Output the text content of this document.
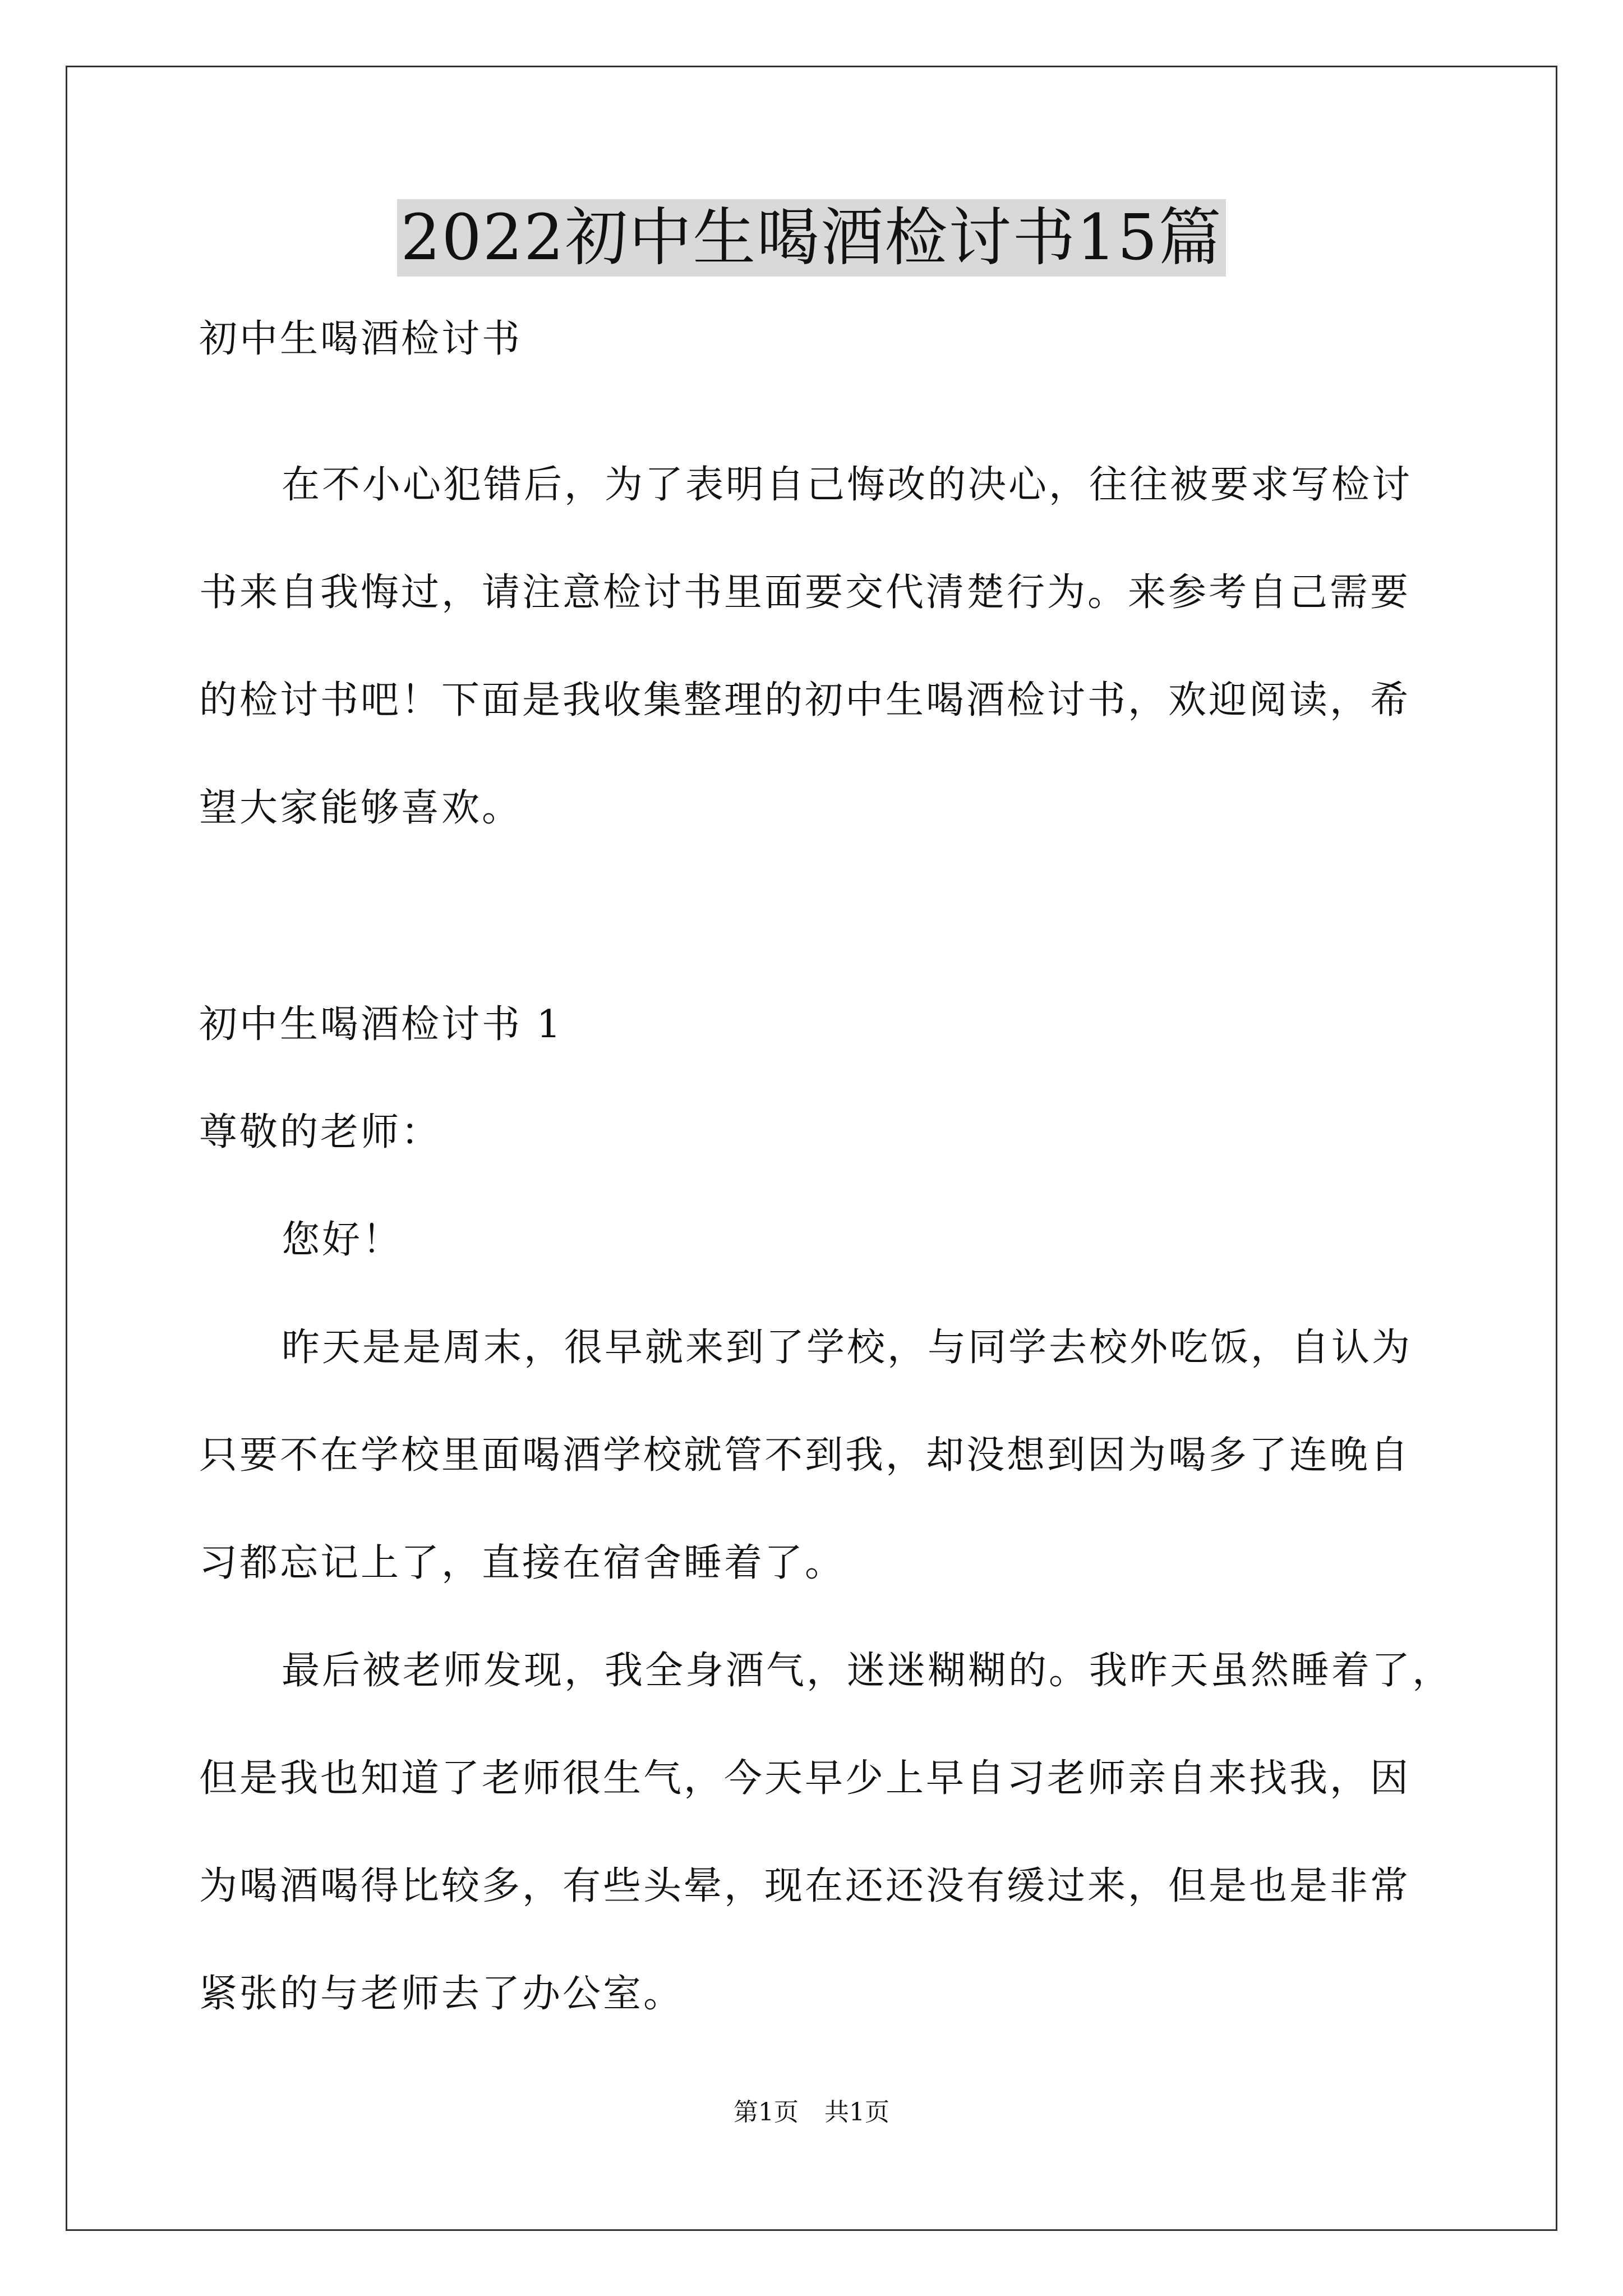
2022初中生喝酒检讨书15篇
初中生喝酒检讨书
在不小心犯错后，为了表明自己悔改的决心，往往被要求写检讨
书来自我悔过，请注意检讨书里面要交代清楚行为。来参考自己需要
的检讨书吧！下面是我收集整理的初中生喝酒检讨书，欢迎阅读，希
望大家能够喜欢。
初中生喝酒检讨书 1
尊敬的老师：
您好！
昨天是是周末，很早就来到了学校，与同学去校外吃饭，自认为
只要不在学校里面喝酒学校就管不到我，却没想到因为喝多了连晚自
习都忘记上了，直接在宿舍睡着了。
最后被老师发现，我全身酒气，迷迷糊糊的。我昨天虽然睡着了，
但是我也知道了老师很生气，今天早少上早自习老师亲自来找我，因
为喝酒喝得比较多，有些头晕，现在还还没有缓过来，但是也是非常
紧张的与老师去了办公室。
第1页 共1页
